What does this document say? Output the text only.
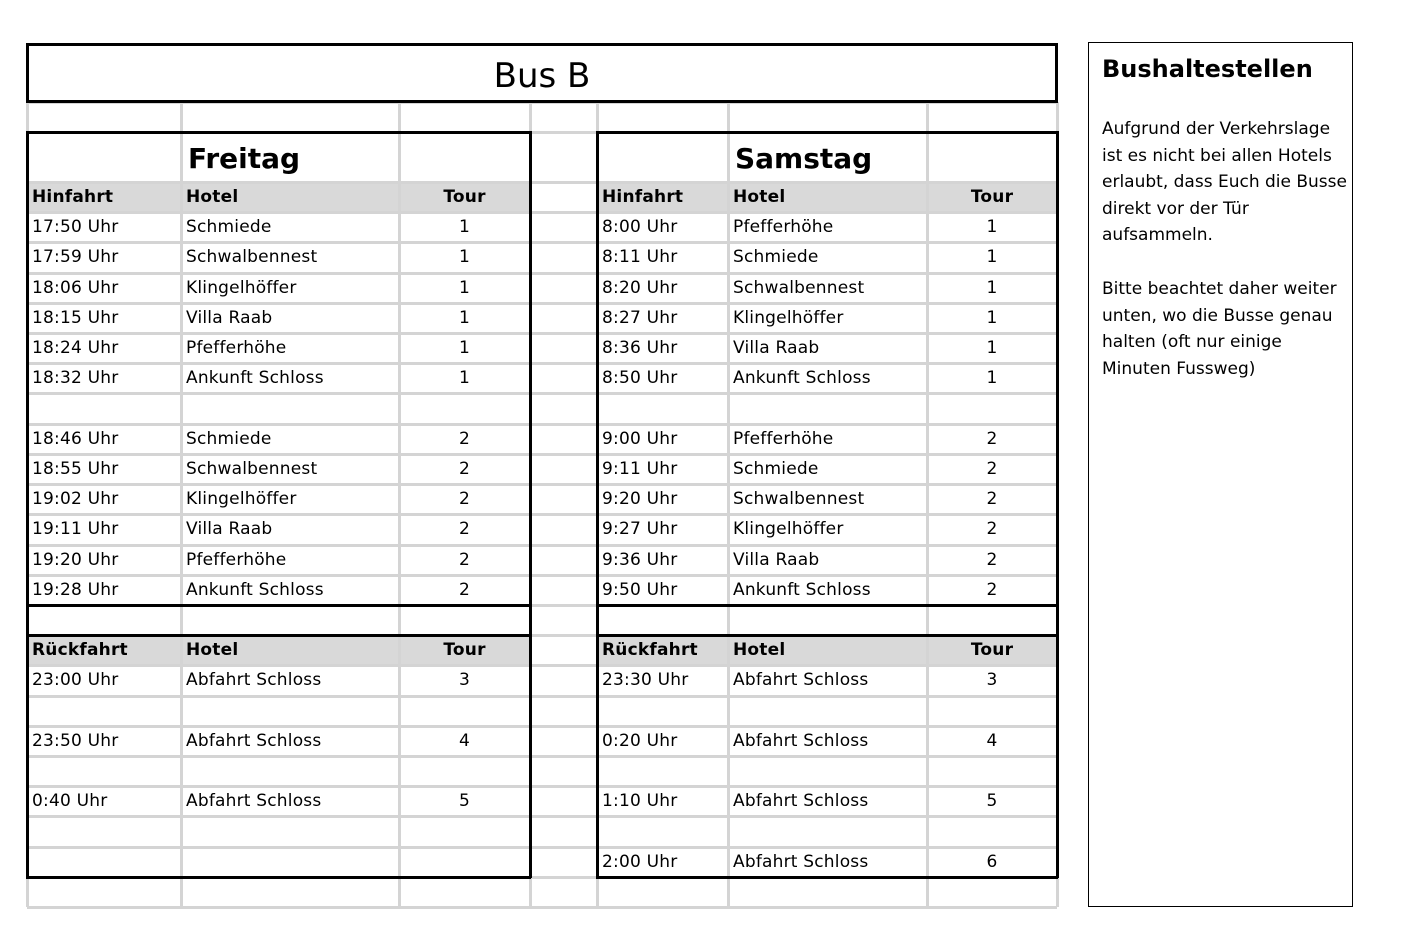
Bus B
Freitag
Hinfahrt	Hotel	Tour
17:50 Uhr	Schmiede	1
17:59 Uhr	Schwalbennest	1
18:06 Uhr	Klingelhöffer	1
18:15 Uhr	Villa Raab	1
18:24 Uhr	Pfefferhöhe	1
18:32 Uhr	Ankunft Schloss	1
18:46 Uhr	Schmiede	2
18:55 Uhr	Schwalbennest	2
19:02 Uhr	Klingelhöffer	2
19:11 Uhr	Villa Raab	2
19:20 Uhr	Pfefferhöhe	2
19:28 Uhr	Ankunft Schloss	2
Rückfahrt	Hotel	Tour
23:00 Uhr	Abfahrt Schloss	3
23:50 Uhr	Abfahrt Schloss	4
0:40 Uhr	Abfahrt Schloss	5
Samstag
Hinfahrt	Hotel	Tour
8:00 Uhr	Pfefferhöhe	1
8:11 Uhr	Schmiede	1
8:20 Uhr	Schwalbennest	1
8:27 Uhr	Klingelhöffer	1
8:36 Uhr	Villa Raab	1
8:50 Uhr	Ankunft Schloss	1
9:00 Uhr	Pfefferhöhe	2
9:11 Uhr	Schmiede	2
9:20 Uhr	Schwalbennest	2
9:27 Uhr	Klingelhöffer	2
9:36 Uhr	Villa Raab	2
9:50 Uhr	Ankunft Schloss	2
Rückfahrt	Hotel	Tour
23:30 Uhr	Abfahrt Schloss	3
0:20 Uhr	Abfahrt Schloss	4
1:10 Uhr	Abfahrt Schloss	5
2:00 Uhr	Abfahrt Schloss	6
Bushaltestellen

Aufgrund der Verkehrslage ist es nicht bei allen Hotels erlaubt, dass Euch die Busse direkt vor der Tür aufsammeln.

Bitte beachtet daher weiter unten, wo die Busse genau halten (oft nur einige Minuten Fussweg)
